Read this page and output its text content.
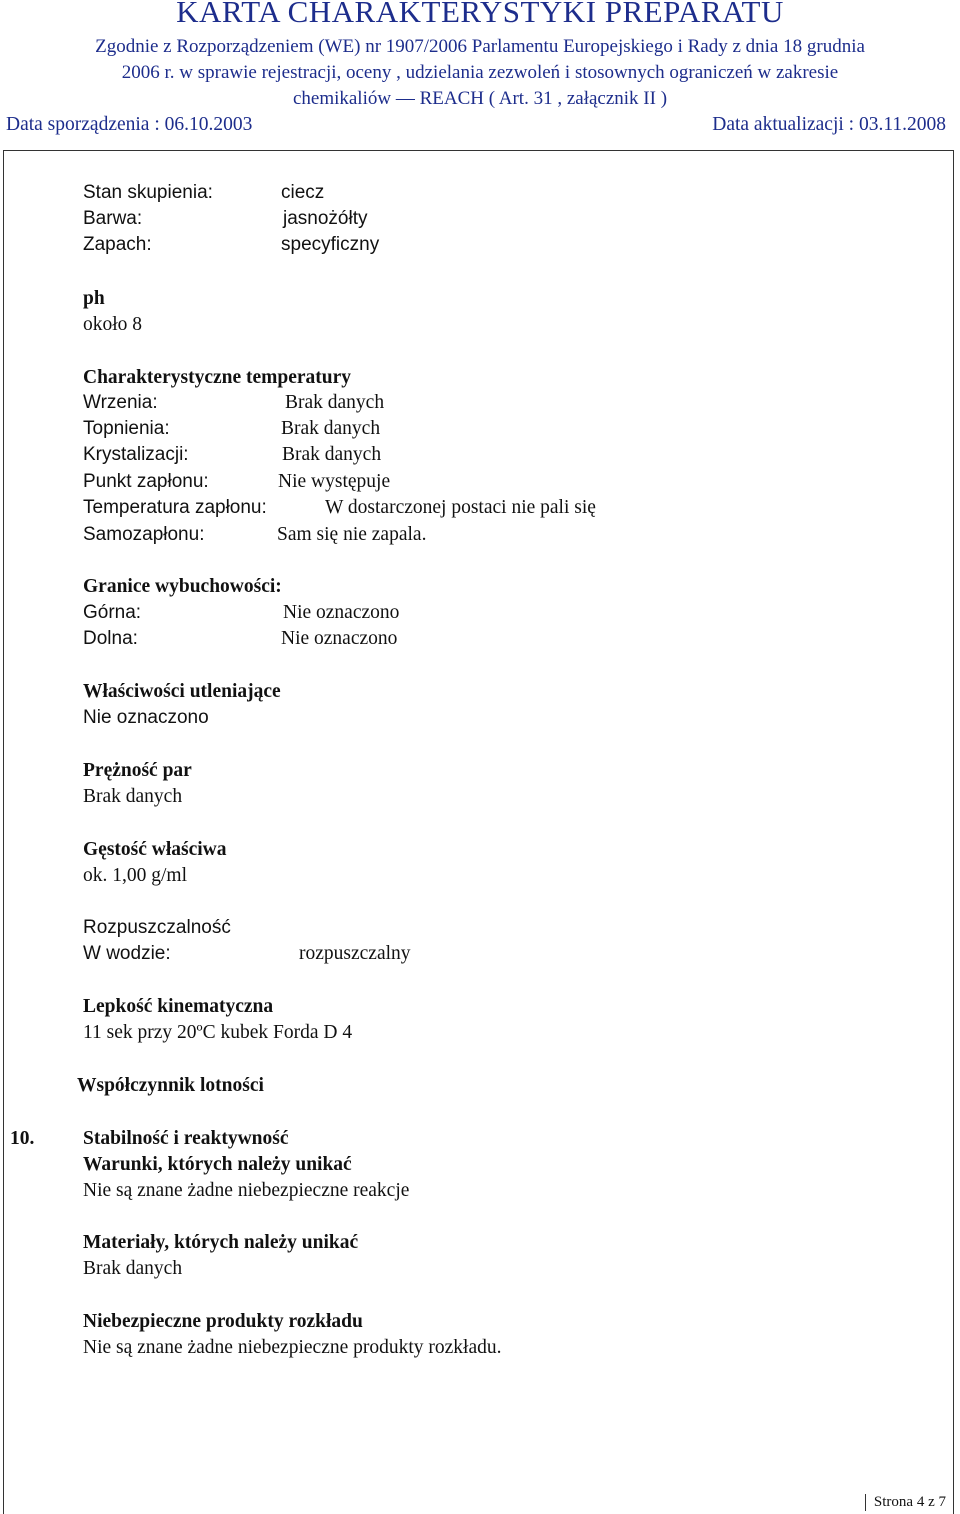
KARTA CHARAKTERYSTYKI PREPARATU
Zgodnie z Rozporządzeniem (WE) nr 1907/2006 Parlamentu Europejskiego i Rady z dnia 18 grudnia
2006 r. w sprawie rejestracji, oceny , udzielania zezwoleń i stosownych ograniczeń w zakresie
chemikaliów — REACH ( Art. 31 , załącznik II )
Data sporządzenia : 06.10.2003	Data aktualizacji : 03.11.2008
Stan skupienia:	ciecz
Barwa:	jasnożółty
Zapach:	specyficzny
ph
około 8
Charakterystyczne temperatury
Wrzenia:	Brak danych
Topnienia:	Brak danych
Krystalizacji:	Brak danych
Punkt zapłonu:	Nie występuje
Temperatura zapłonu:	W dostarczonej postaci nie pali się
Samozapłonu:	Sam się nie zapala.
Granice wybuchowości:
Górna:	Nie oznaczono
Dolna:	Nie oznaczono
Właściwości utleniające
Nie oznaczono
Prężność par
Brak danych
Gęstość właściwa
ok. 1,00 g/ml
Rozpuszczalność
W wodzie:	rozpuszczalny
Lepkość kinematyczna
11 sek przy 20ºC kubek Forda D 4
Współczynnik lotności
10. Stabilność i reaktywność
Warunki, których należy unikać
Nie są znane żadne niebezpieczne reakcje
Materiały, których należy unikać
Brak danych
Niebezpieczne produkty rozkładu
Nie są znane żadne niebezpieczne produkty rozkładu.
Strona 4 z 7
